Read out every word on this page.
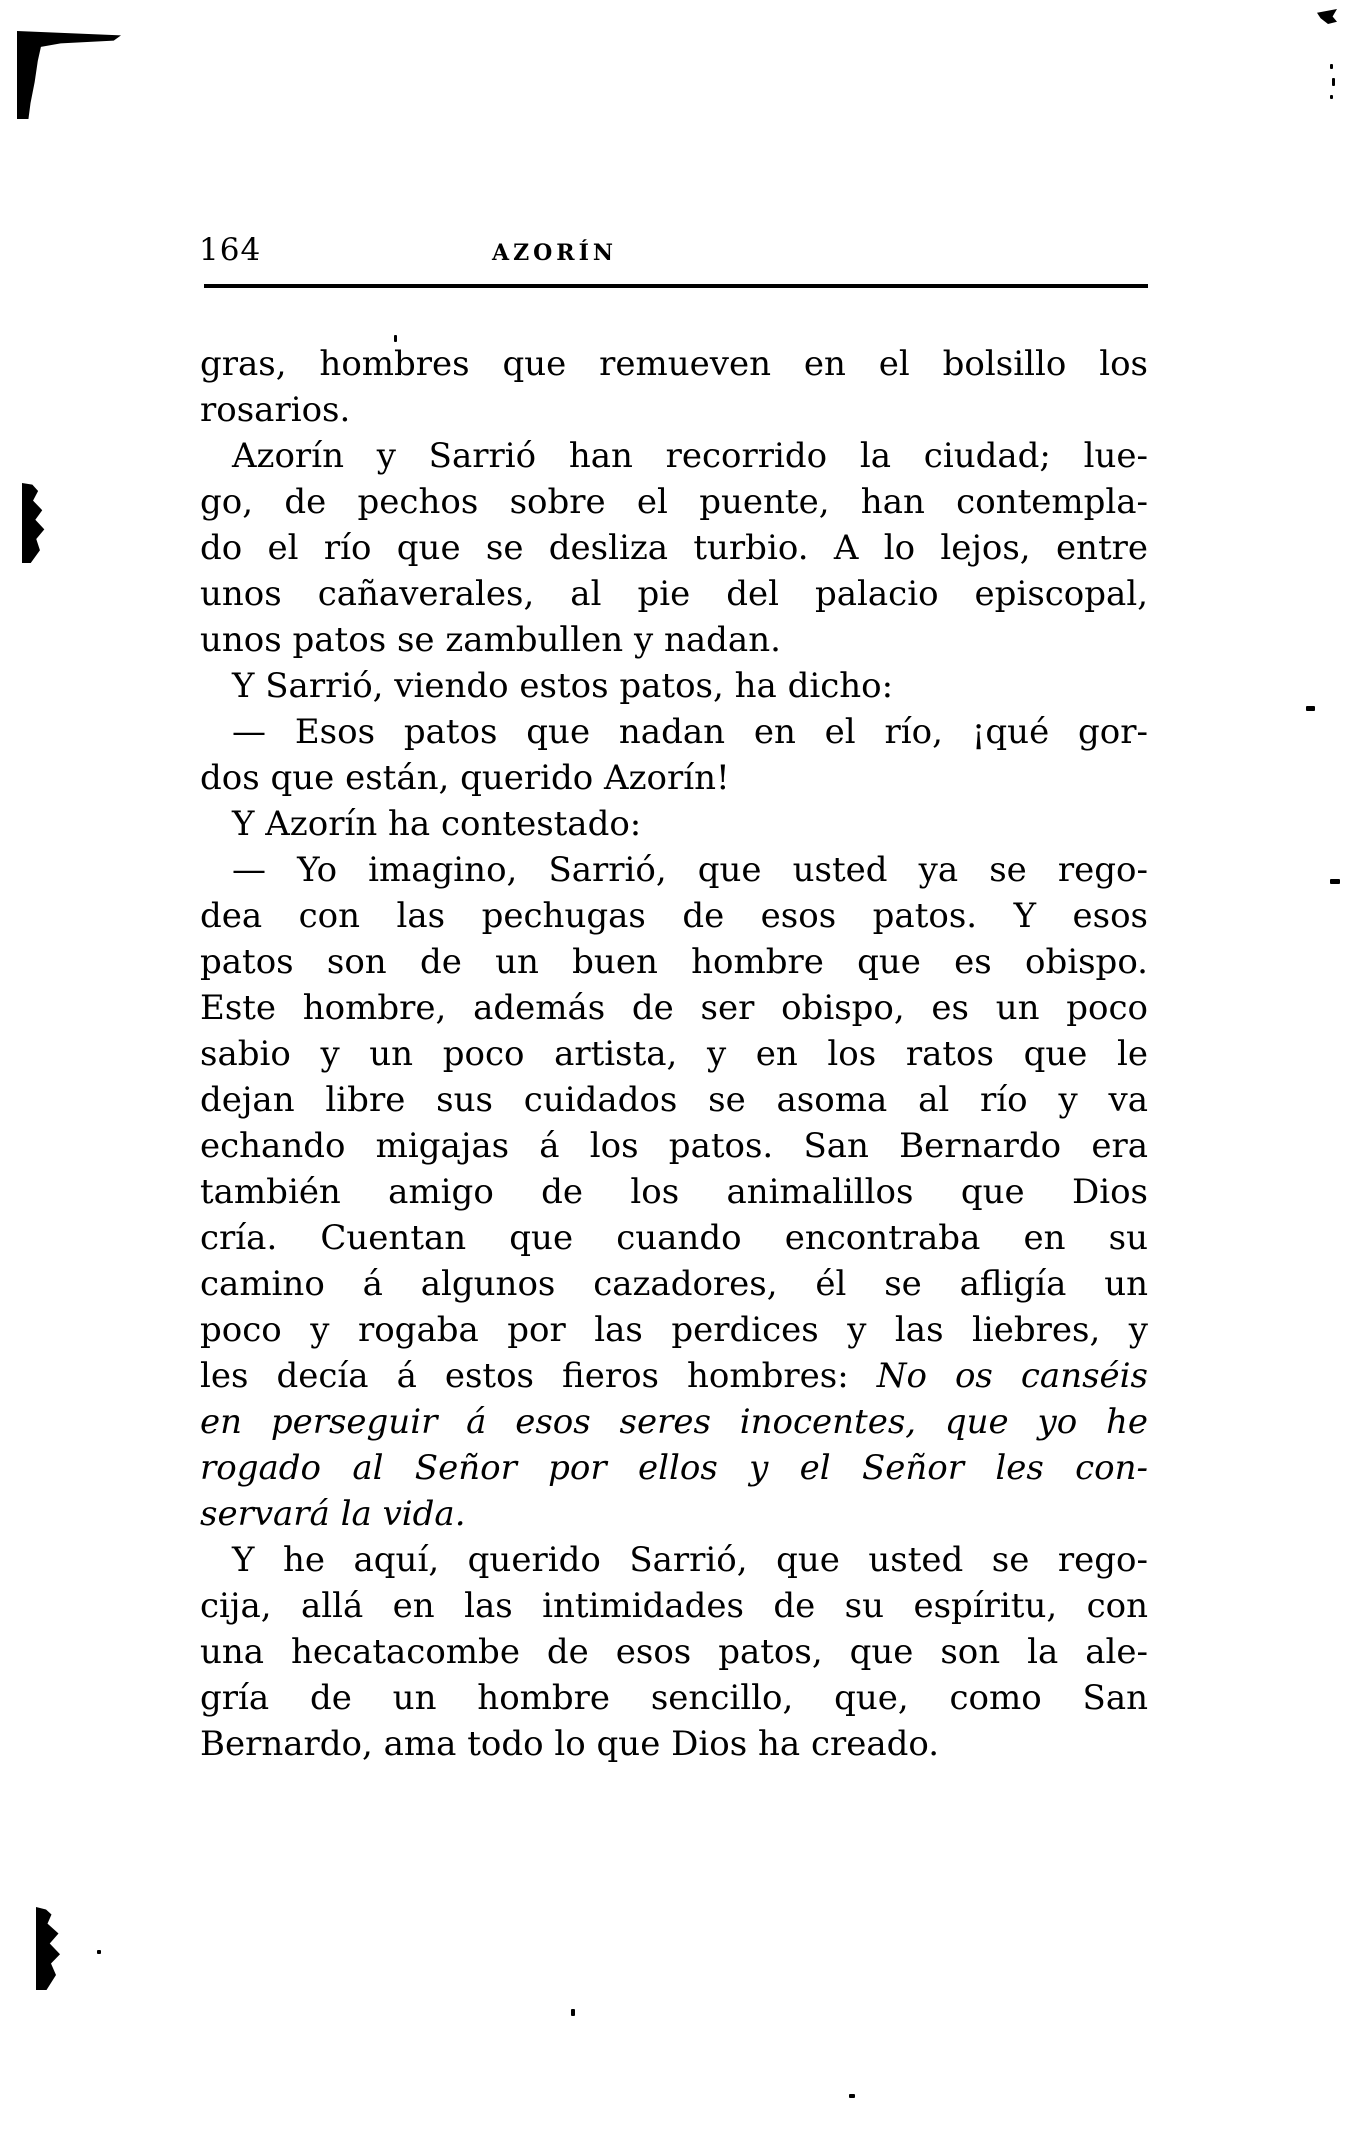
164	AZORÍN
gras, hombres que remueven en el bolsillo los
rosarios.
Azorín y Sarrió han recorrido la ciudad; lue-
go, de pechos sobre el puente, han contempla-
do el río que se desliza turbio. A lo lejos, entre
unos cañaverales, al pie del palacio episcopal,
unos patos se zambullen y nadan.
Y Sarrió, viendo estos patos, ha dicho:
— Esos patos que nadan en el río, ¡qué gor-
dos que están, querido Azorín!
Y Azorín ha contestado:
— Yo imagino, Sarrió, que usted ya se rego-
dea con las pechugas de esos patos. Y esos
patos son de un buen hombre que es obispo.
Este hombre, además de ser obispo, es un poco
sabio y un poco artista, y en los ratos que le
dejan libre sus cuidados se asoma al río y va
echando migajas á los patos. San Bernardo era
también amigo de los animalillos que Dios
cría. Cuentan que cuando encontraba en su
camino á algunos cazadores, él se afligía un
poco y rogaba por las perdices y las liebres, y
les decía á estos fieros hombres: No os canséis
en perseguir á esos seres inocentes, que yo he
rogado al Señor por ellos y el Señor les con-
servará la vida.
Y he aquí, querido Sarrió, que usted se rego-
cija, allá en las intimidades de su espíritu, con
una hecatacombe de esos patos, que son la ale-
gría de un hombre sencillo, que, como San
Bernardo, ama todo lo que Dios ha creado.
